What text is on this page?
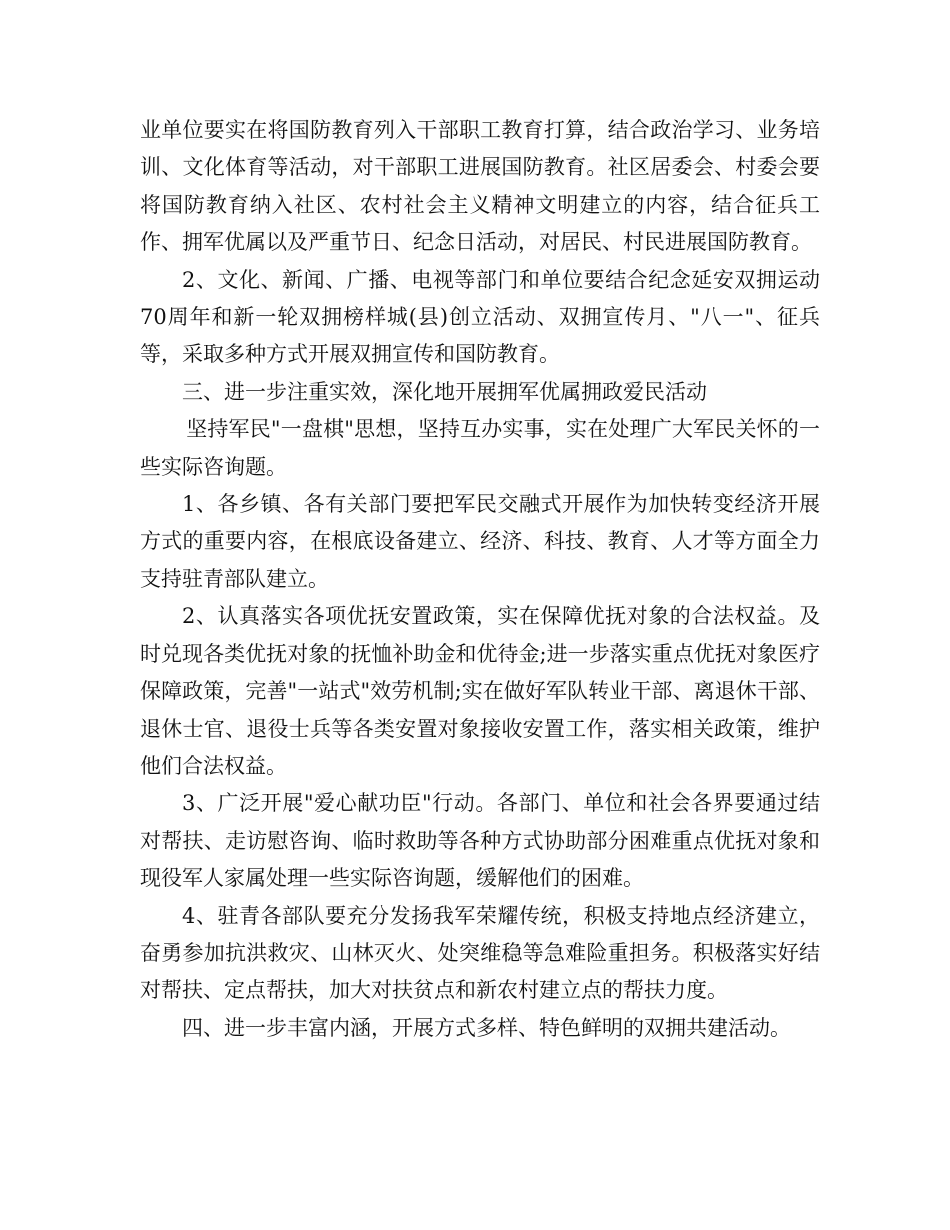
业单位要实在将国防教育列入干部职工教育打算，结合政治学习、业务培训、文化体育等活动，对干部职工进展国防教育。社区居委会、村委会要将国防教育纳入社区、农村社会主义精神文明建立的内容，结合征兵工作、拥军优属以及严重节日、纪念日活动，对居民、村民进展国防教育。

2、文化、新闻、广播、电视等部门和单位要结合纪念延安双拥运动70周年和新一轮双拥榜样城(县)创立活动、双拥宣传月、"八一"、征兵等，采取多种方式开展双拥宣传和国防教育。

三、进一步注重实效，深化地开展拥军优属拥政爱民活动

坚持军民"一盘棋"思想，坚持互办实事，实在处理广大军民关怀的一些实际咨询题。

1、各乡镇、各有关部门要把军民交融式开展作为加快转变经济开展方式的重要内容，在根底设备建立、经济、科技、教育、人才等方面全力支持驻青部队建立。

2、认真落实各项优抚安置政策，实在保障优抚对象的合法权益。及时兑现各类优抚对象的抚恤补助金和优待金;进一步落实重点优抚对象医疗保障政策，完善"一站式"效劳机制;实在做好军队转业干部、离退休干部、退休士官、退役士兵等各类安置对象接收安置工作，落实相关政策，维护他们合法权益。

3、广泛开展"爱心献功臣"行动。各部门、单位和社会各界要通过结对帮扶、走访慰咨询、临时救助等各种方式协助部分困难重点优抚对象和现役军人家属处理一些实际咨询题，缓解他们的困难。

4、驻青各部队要充分发扬我军荣耀传统，积极支持地点经济建立，奋勇参加抗洪救灾、山林灭火、处突维稳等急难险重担务。积极落实好结对帮扶、定点帮扶，加大对扶贫点和新农村建立点的帮扶力度。

四、进一步丰富内涵，开展方式多样、特色鲜明的双拥共建活动。
